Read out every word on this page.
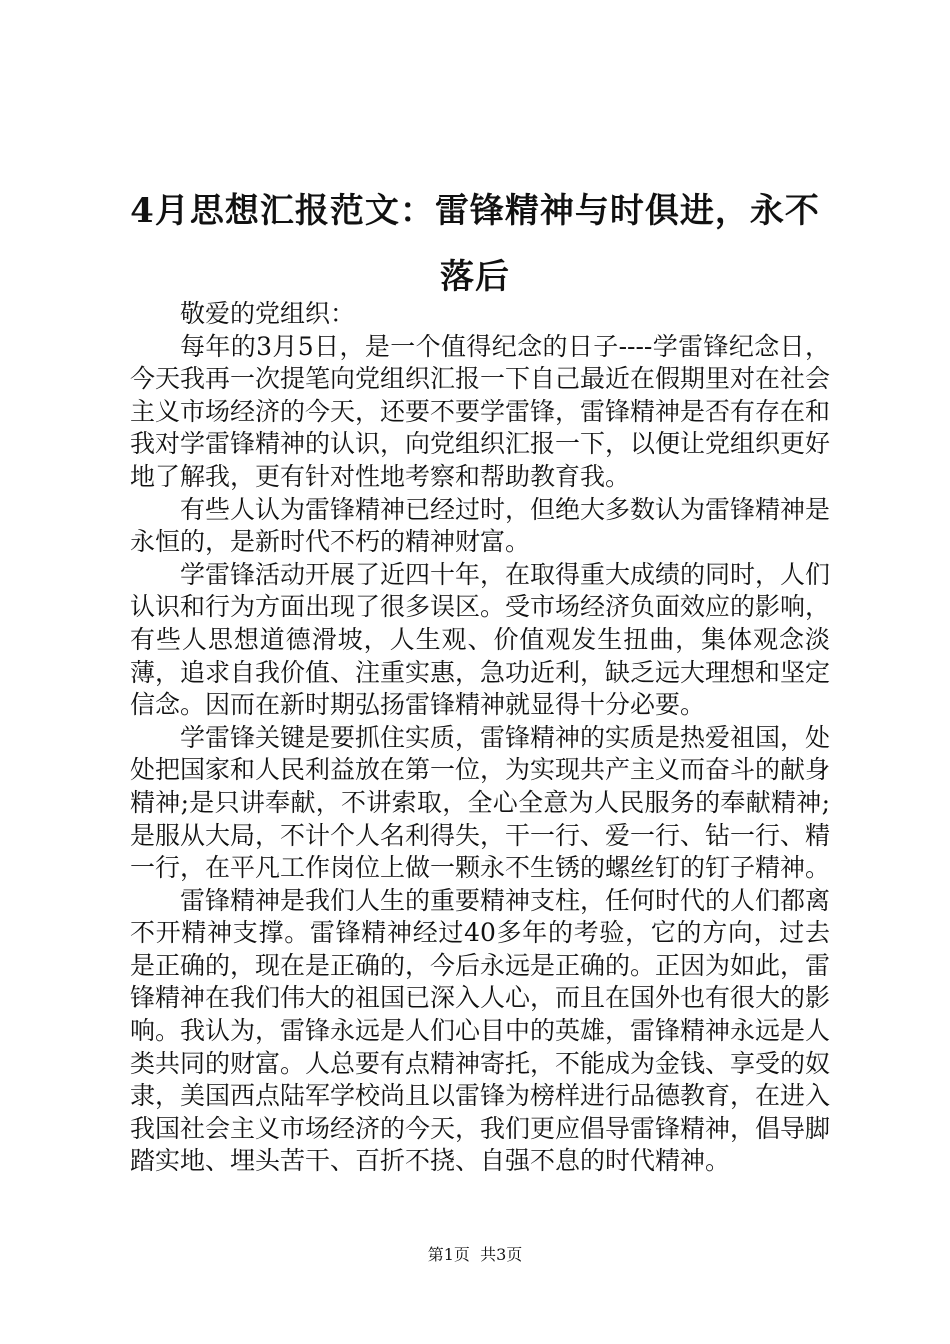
4月思想汇报范文：雷锋精神与时俱进，永不落后

敬爱的党组织：

每年的3月5日，是一个值得纪念的日子----学雷锋纪念日，今天我再一次提笔向党组织汇报一下自己最近在假期里对在社会主义市场经济的今天，还要不要学雷锋，雷锋精神是否有存在和我对学雷锋精神的认识，向党组织汇报一下，以便让党组织更好地了解我，更有针对性地考察和帮助教育我。

有些人认为雷锋精神已经过时，但绝大多数认为雷锋精神是永恒的，是新时代不朽的精神财富。

学雷锋活动开展了近四十年，在取得重大成绩的同时，人们认识和行为方面出现了很多误区。受市场经济负面效应的影响，有些人思想道德滑坡，人生观、价值观发生扭曲，集体观念淡薄，追求自我价值、注重实惠，急功近利，缺乏远大理想和坚定信念。因而在新时期弘扬雷锋精神就显得十分必要。

学雷锋关键是要抓住实质，雷锋精神的实质是热爱祖国，处处把国家和人民利益放在第一位，为实现共产主义而奋斗的献身精神;是只讲奉献，不讲索取，全心全意为人民服务的奉献精神;是服从大局，不计个人名利得失，干一行、爱一行、钻一行、精一行，在平凡工作岗位上做一颗永不生锈的螺丝钉的钉子精神。

雷锋精神是我们人生的重要精神支柱，任何时代的人们都离不开精神支撑。雷锋精神经过40多年的考验，它的方向，过去是正确的，现在是正确的，今后永远是正确的。正因为如此，雷锋精神在我们伟大的祖国已深入人心，而且在国外也有很大的影响。我认为，雷锋永远是人们心目中的英雄，雷锋精神永远是人类共同的财富。人总要有点精神寄托，不能成为金钱、享受的奴隶，美国西点陆军学校尚且以雷锋为榜样进行品德教育，在进入我国社会主义市场经济的今天，我们更应倡导雷锋精神，倡导脚踏实地、埋头苦干、百折不挠、自强不息的时代精神。

第1页  共3页
